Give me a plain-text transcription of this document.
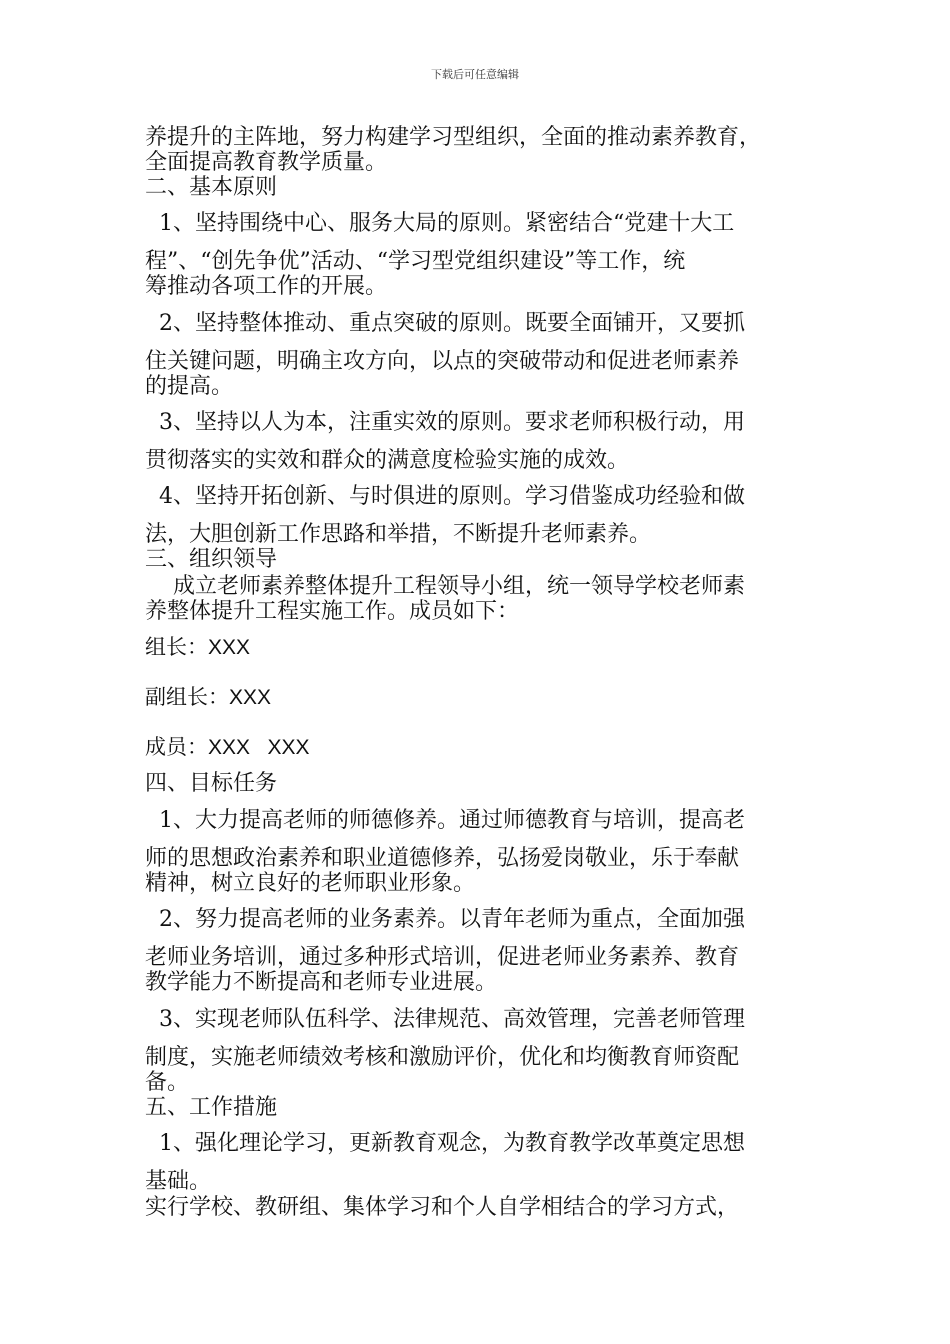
下载后可任意编辑
养提升的主阵地，努力构建学习型组织，全面的推动素养教育，
全面提高教育教学质量。
二、基本原则
1、坚持围绕中心、服务大局的原则。紧密结合“党建十大工
程”、“创先争优”活动、“学习型党组织建设”等工作，统
筹推动各项工作的开展。
2、坚持整体推动、重点突破的原则。既要全面铺开，又要抓
住关键问题，明确主攻方向，以点的突破带动和促进老师素养
的提高。
3、坚持以人为本，注重实效的原则。要求老师积极行动，用
贯彻落实的实效和群众的满意度检验实施的成效。
4、坚持开拓创新、与时俱进的原则。学习借鉴成功经验和做
法，大胆创新工作思路和举措，不断提升老师素养。
三、组织领导
成立老师素养整体提升工程领导小组，统一领导学校老师素
养整体提升工程实施工作。成员如下：
组长：XXX
副组长：XXX
成员：XXX   XXX
四、目标任务
1、大力提高老师的师德修养。通过师德教育与培训，提高老
师的思想政治素养和职业道德修养，弘扬爱岗敬业，乐于奉献
精神，树立良好的老师职业形象。
2、努力提高老师的业务素养。以青年老师为重点，全面加强
老师业务培训，通过多种形式培训，促进老师业务素养、教育
教学能力不断提高和老师专业进展。
3、实现老师队伍科学、法律规范、高效管理，完善老师管理
制度，实施老师绩效考核和激励评价，优化和均衡教育师资配
备。
五、工作措施
1、强化理论学习，更新教育观念，为教育教学改革奠定思想
基础。
实行学校、教研组、集体学习和个人自学相结合的学习方式，
